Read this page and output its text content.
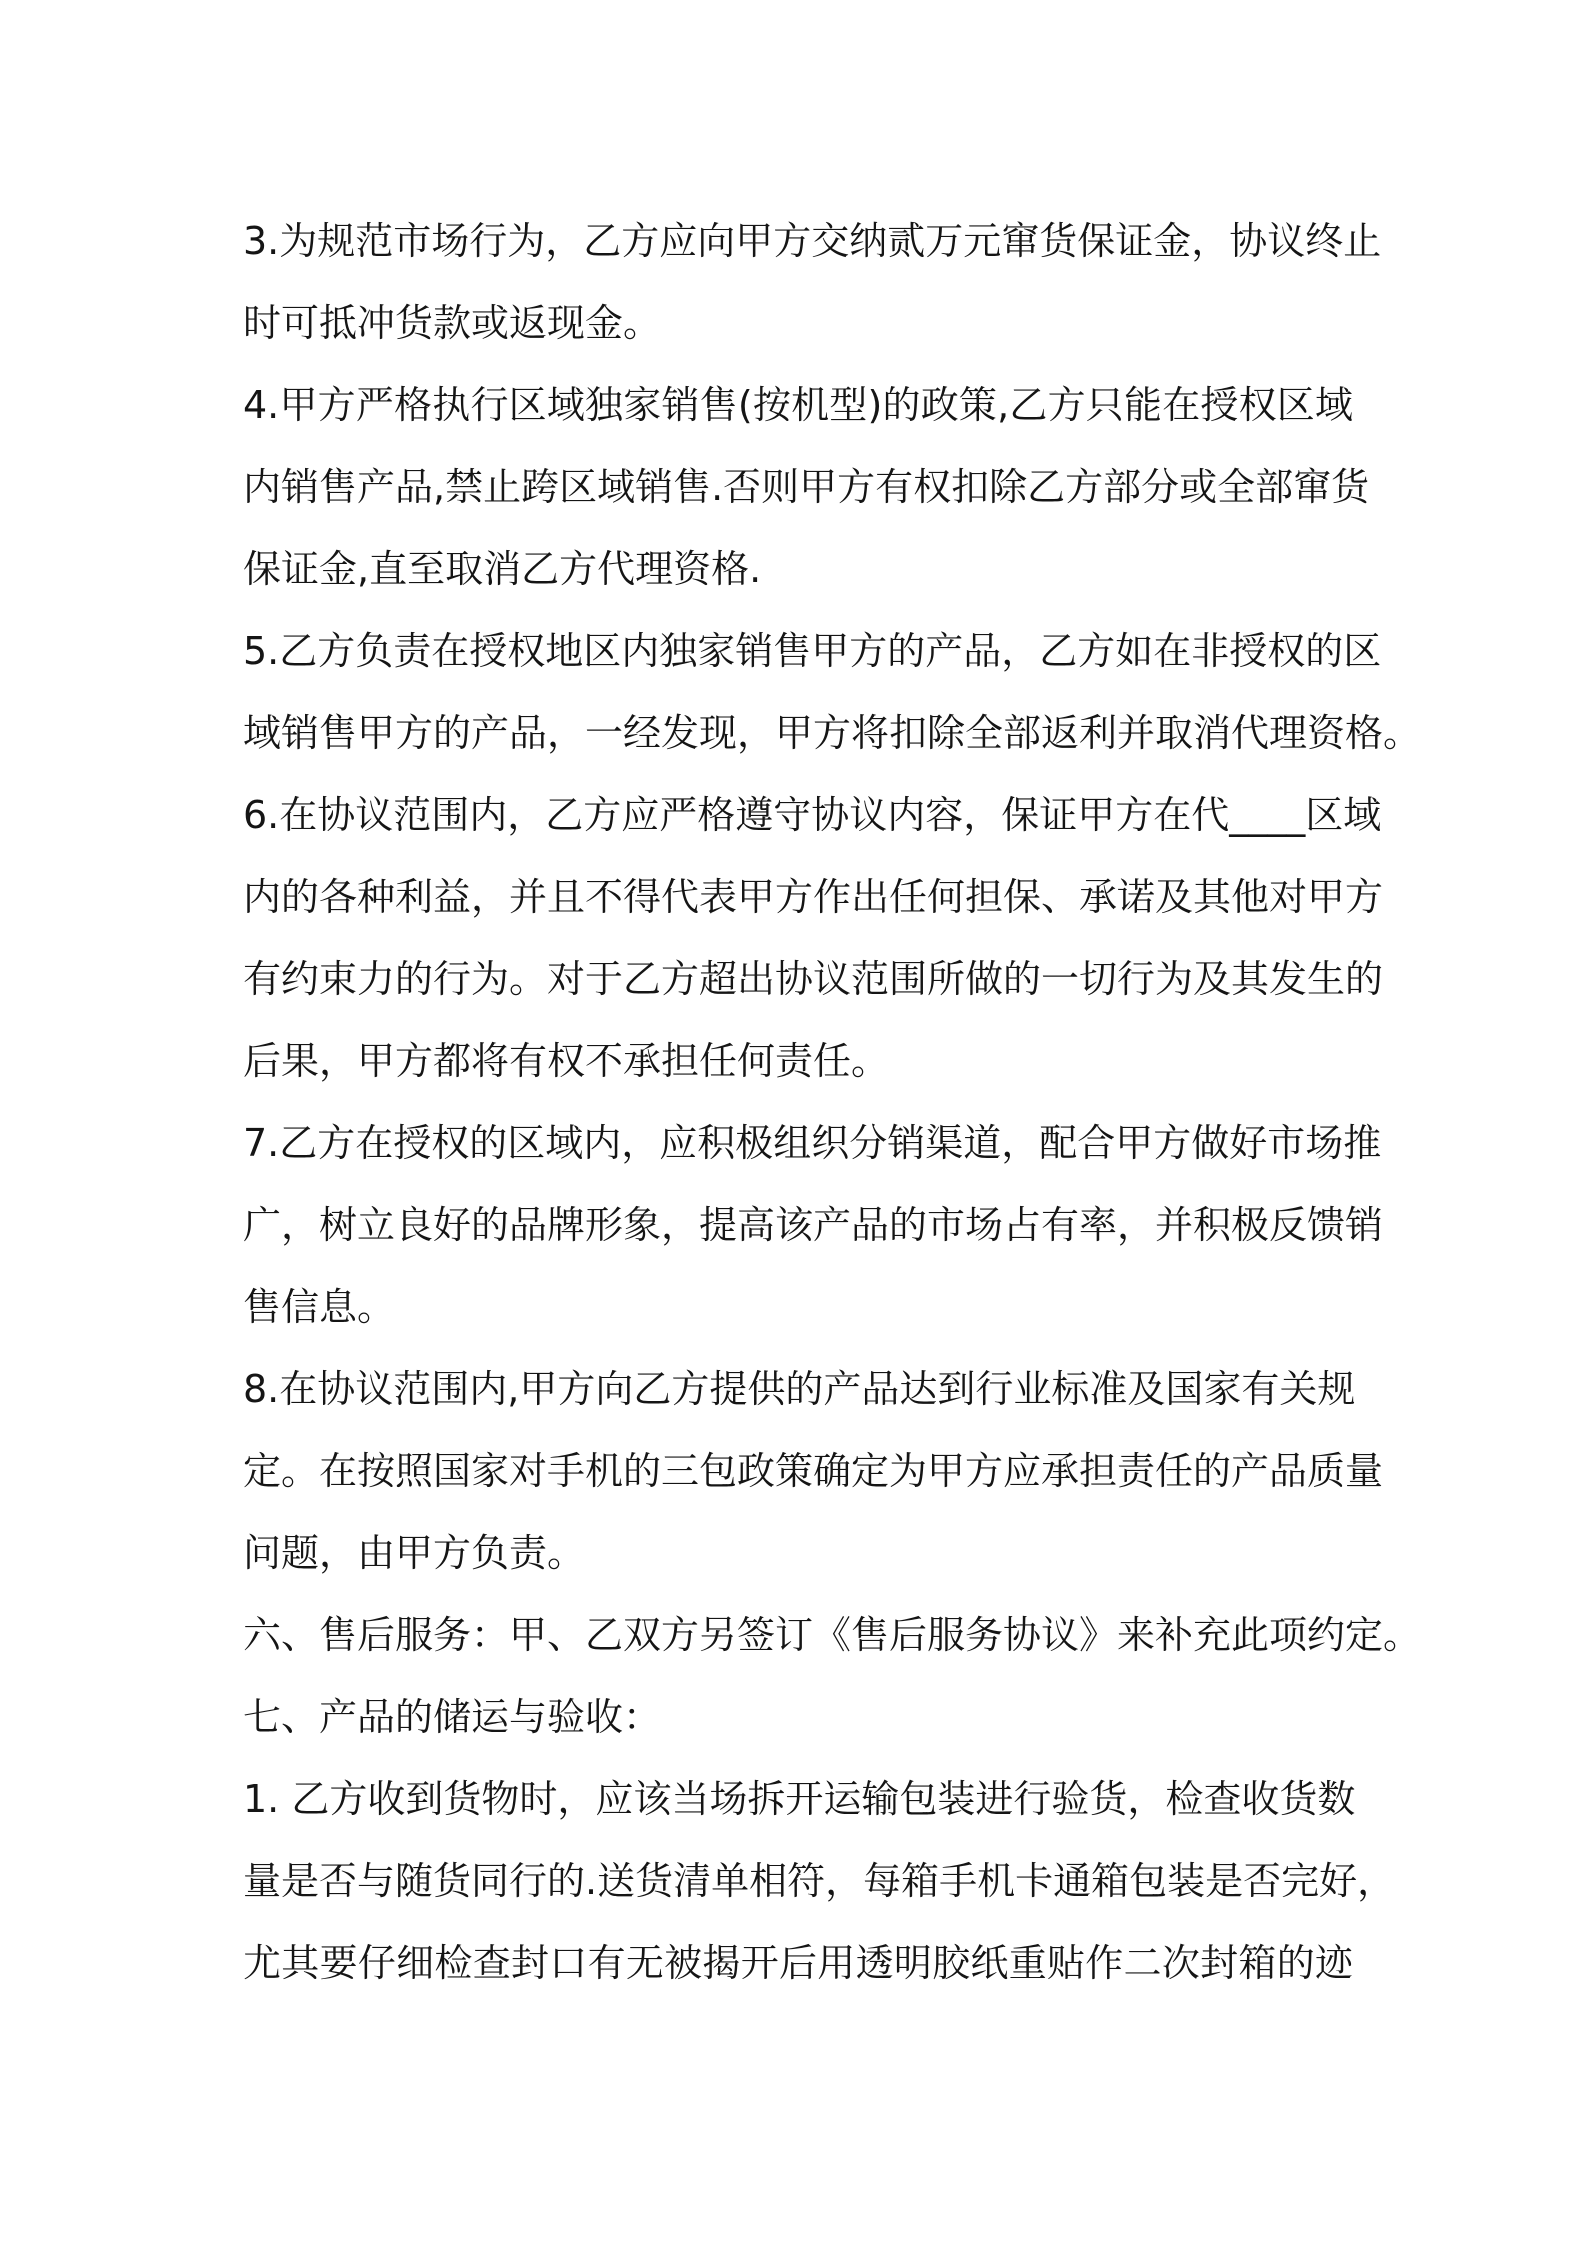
3.为规范市场行为，乙方应向甲方交纳贰万元窜货保证金，协议终止
时可抵冲货款或返现金。
4.甲方严格执行区域独家销售(按机型)的政策,乙方只能在授权区域
内销售产品,禁止跨区域销售.否则甲方有权扣除乙方部分或全部窜货
保证金,直至取消乙方代理资格.
5.乙方负责在授权地区内独家销售甲方的产品，乙方如在非授权的区
域销售甲方的产品，一经发现，甲方将扣除全部返利并取消代理资格。
6.在协议范围内，乙方应严格遵守协议内容，保证甲方在代____区域
内的各种利益，并且不得代表甲方作出任何担保、承诺及其他对甲方
有约束力的行为。对于乙方超出协议范围所做的一切行为及其发生的
后果，甲方都将有权不承担任何责任。
7.乙方在授权的区域内，应积极组织分销渠道，配合甲方做好市场推
广，树立良好的品牌形象，提高该产品的市场占有率，并积极反馈销
售信息。
8.在协议范围内,甲方向乙方提供的产品达到行业标准及国家有关规
定。在按照国家对手机的三包政策确定为甲方应承担责任的产品质量
问题，由甲方负责。
六、售后服务：甲、乙双方另签订《售后服务协议》来补充此项约定。
七、产品的储运与验收：
1. 乙方收到货物时，应该当场拆开运输包装进行验货，检查收货数
量是否与随货同行的.送货清单相符，每箱手机卡通箱包装是否完好，
尤其要仔细检查封口有无被揭开后用透明胶纸重贴作二次封箱的迹
